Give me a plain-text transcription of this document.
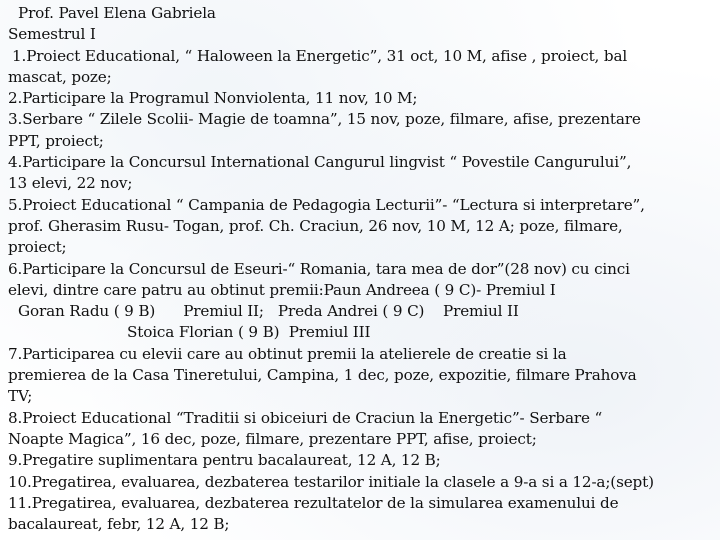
Prof. Pavel Elena Gabriela
Semestrul I
1.Proiect Educational, “ Haloween la Energetic”, 31 oct, 10 M, afise , proiect, bal
mascat, poze;
2.Participare la Programul Nonviolenta, 11 nov, 10 M;
3.Serbare “ Zilele Scolii- Magie de toamna”, 15 nov, poze, filmare, afise, prezentare
PPT, proiect;
4.Participare la Concursul International Cangurul lingvist “ Povestile Cangurului”,
13 elevi, 22 nov;
5.Proiect Educational “ Campania de Pedagogia Lecturii”- “Lectura si interpretare”,
prof. Gherasim Rusu- Togan, prof. Ch. Craciun, 26 nov, 10 M, 12 A; poze, filmare,
proiect;
6.Participare la Concursul de Eseuri-“ Romania, tara mea de dor”(28 nov) cu cinci
elevi, dintre care patru au obtinut premii:Paun Andreea ( 9 C)- Premiul I
Goran Radu ( 9 B)      Premiul II;   Preda Andrei ( 9 C)    Premiul II
Stoica Florian ( 9 B)  Premiul III
7.Participarea cu elevii care au obtinut premii la atelierele de creatie si la
premierea de la Casa Tineretului, Campina, 1 dec, poze, expozitie, filmare Prahova
TV;
8.Proiect Educational “Traditii si obiceiuri de Craciun la Energetic”- Serbare “
Noapte Magica”, 16 dec, poze, filmare, prezentare PPT, afise, proiect;
9.Pregatire suplimentara pentru bacalaureat, 12 A, 12 B;
10.Pregatirea, evaluarea, dezbaterea testarilor initiale la clasele a 9-a si a 12-a;(sept)
11.Pregatirea, evaluarea, dezbaterea rezultatelor de la simularea examenului de
bacalaureat, febr, 12 A, 12 B;
